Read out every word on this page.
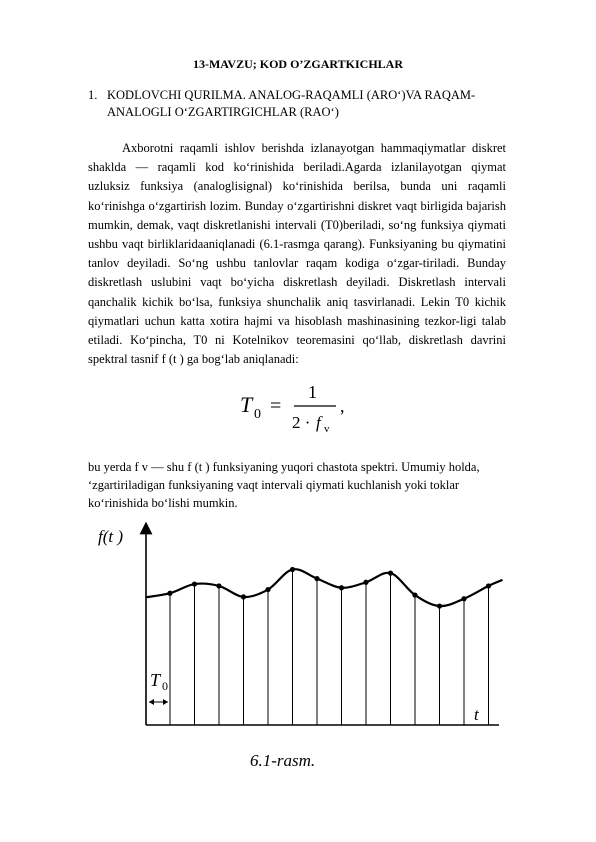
13-MAVZU; KOD O’ZGARTKICHLAR
1. KODLOVCHI QURILMA. ANALOG-RAQAMLI (ARO‘)VA RAQAM-ANALOGLI O‘ZGARTIRGICHLAR (RAO‘)
Axborotni raqamli ishlov berishda izlanayotgan hammaqiymatlar diskret shaklda — raqamli kod ko‘rinishida beriladi.Agarda izlanilayotgan qiymat uzluksiz funksiya (analoglisignal) ko‘rinishida berilsa, bunda uni raqamli ko‘rinishga o‘zgartirish lozim. Bunday o‘zgartirishni diskret vaqt birligida bajarish mumkin, demak, vaqt diskretlanishi intervali (T0)beriladi, so‘ng funksiya qiymati ushbu vaqt birliklaridaaniqlanadi (6.1-rasmga qarang). Funksiyaning bu qiymatini tanlov deyiladi. So‘ng ushbu tanlovlar raqam kodiga o‘zgar-tiriladi. Bunday diskretlash uslubini vaqt bo‘yicha diskretlash deyiladi. Diskretlash intervali qanchalik kichik bo‘lsa, funksiya shunchalik aniq tasvirlanadi. Lekin T0 kichik qiymatlari uchun katta xotira hajmi va hisoblash mashinasining tezkor-ligi talab etiladi. Ko‘pincha, T0 ni Kotelnikov teoremasini qo‘llab, diskretlash davrini spektral tasnif f (t ) ga bog‘lab aniqlanadi:
T 0 =
1
2 · f v
,
bu yerda f v — shu f (t ) funksiyaning yuqori chastota spektri. Umumiy holda,
‘zgartiriladigan funksiyaning vaqt intervali qiymati kuchlanish yoki toklar
ko‘rinishida bo‘lishi mumkin.
f(t )
t
T 0
6.1-rasm.
